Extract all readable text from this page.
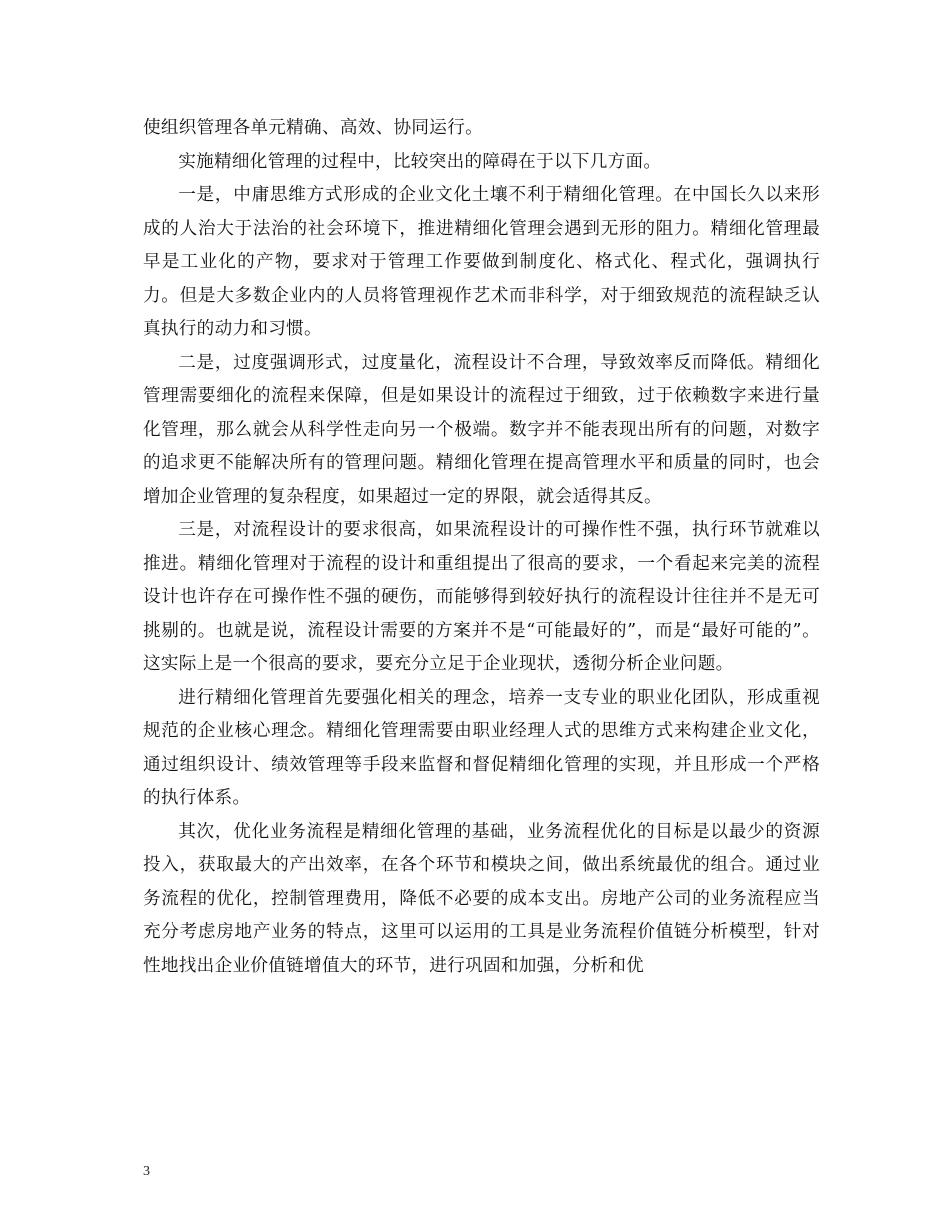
使组织管理各单元精确、高效、协同运行。

实施精细化管理的过程中，比较突出的障碍在于以下几方面。

一是，中庸思维方式形成的企业文化土壤不利于精细化管理。在中国长久以来形成的人治大于法治的社会环境下，推进精细化管理会遇到无形的阻力。精细化管理最早是工业化的产物，要求对于管理工作要做到制度化、格式化、程式化，强调执行力。但是大多数企业内的人员将管理视作艺术而非科学，对于细致规范的流程缺乏认真执行的动力和习惯。

二是，过度强调形式，过度量化，流程设计不合理，导致效率反而降低。精细化管理需要细化的流程来保障，但是如果设计的流程过于细致，过于依赖数字来进行量化管理，那么就会从科学性走向另一个极端。数字并不能表现出所有的问题，对数字的追求更不能解决所有的管理问题。精细化管理在提高管理水平和质量的同时，也会增加企业管理的复杂程度，如果超过一定的界限，就会适得其反。

三是，对流程设计的要求很高，如果流程设计的可操作性不强，执行环节就难以推进。精细化管理对于流程的设计和重组提出了很高的要求，一个看起来完美的流程设计也许存在可操作性不强的硬伤，而能够得到较好执行的流程设计往往并不是无可挑剔的。也就是说，流程设计需要的方案并不是“可能最好的”，而是“最好可能的”。这实际上是一个很高的要求，要充分立足于企业现状，透彻分析企业问题。

进行精细化管理首先要强化相关的理念，培养一支专业的职业化团队，形成重视规范的企业核心理念。精细化管理需要由职业经理人式的思维方式来构建企业文化，通过组织设计、绩效管理等手段来监督和督促精细化管理的实现，并且形成一个严格的执行体系。

其次，优化业务流程是精细化管理的基础，业务流程优化的目标是以最少的资源投入，获取最大的产出效率，在各个环节和模块之间，做出系统最优的组合。通过业务流程的优化，控制管理费用，降低不必要的成本支出。房地产公司的业务流程应当充分考虑房地产业务的特点，这里可以运用的工具是业务流程价值链分析模型，针对性地找出企业价值链增值大的环节，进行巩固和加强，分析和优

3
